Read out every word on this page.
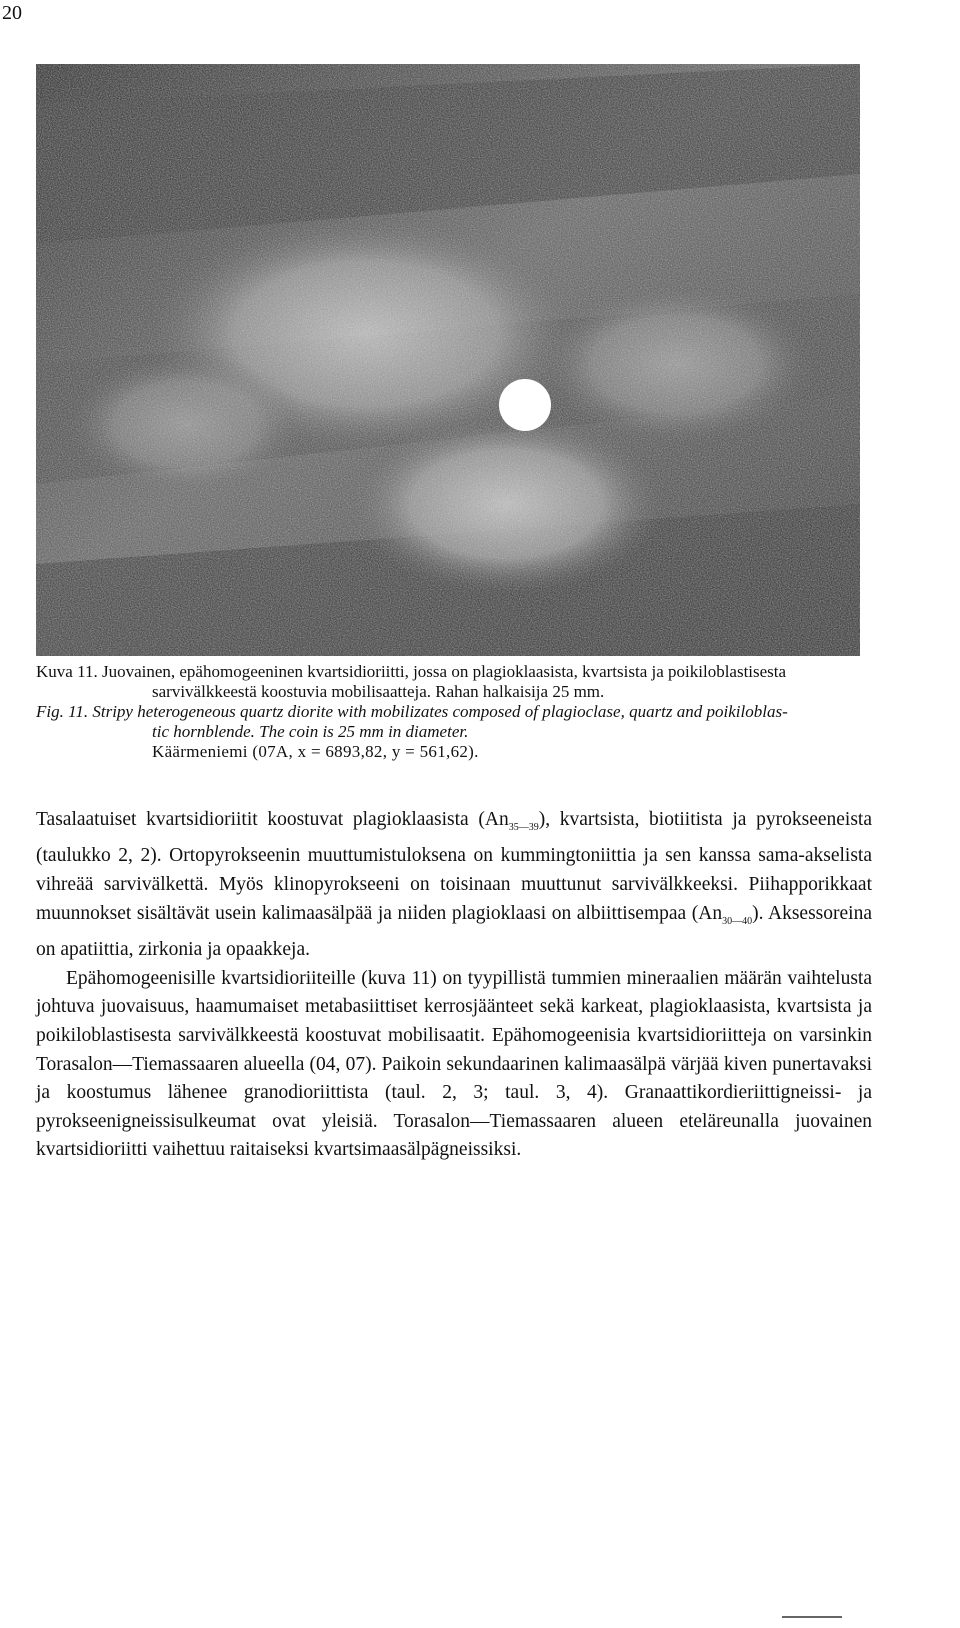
20
Kuva 11. Juovainen, epähomogeeninen kvartsidioriitti, jossa on plagioklaasista, kvartsista ja poikiloblastisesta
sarvivälkkeestä koostuvia mobilisaatteja. Rahan halkaisija 25 mm.
Fig. 11. Stripy heterogeneous quartz diorite with mobilizates composed of plagioclase, quartz and poikiloblas-
tic hornblende. The coin is 25 mm in diameter.
Käärmeniemi (07A, x = 6893,82, y = 561,62).

Tasalaatuiset kvartsidioriitit koostuvat plagioklaasista $(An_{35—39})$, kvartsista, biotiitista ja pyrokseeneista (taulukko 2, 2). Ortopyrokseenin muuttumistuloksena on kummingtoniittia ja sen kanssa sama-akselista vihreää sarvivälkettä. Myös klinopyrokseeni on toisinaan muuttunut sarvivälkkeeksi. Piihapporikkaat muunnokset sisältävät usein kalimaasälpää ja niiden plagioklaasi on albiittisempaa $(An_{30—40})$. Aksessoreina on apatiittia, zirkonia ja opaakkeja.

Epähomogeenisille kvartsidioriiteille (kuva 11) on tyypillistä tummien mineraalien määrän vaihtelusta johtuva juovaisuus, haamumaiset metabasiittiset kerrosjäänteet sekä karkeat, plagioklaasista, kvartsista ja poikiloblastisesta sarvivälkkeestä koostuvat mobilisaatit. Epähomogeenisia kvartsidioriitteja on varsinkin Torasalon—Tiemassaaren alueella (04, 07). Paikoin sekundaarinen kalimaasälpä värjää kiven punertavaksi ja koostumus lähenee granodioriittista (taul. 2, 3; taul. 3, 4). Granaattikordieriittigneissi- ja pyrokseenigneissisulkeumat ovat yleisiä. Torasalon—Tiemassaaren alueen eteläreunalla juovainen kvartsidioriitti vaihettuu raitaiseksi kvartsimaasälpägneissiksi.
